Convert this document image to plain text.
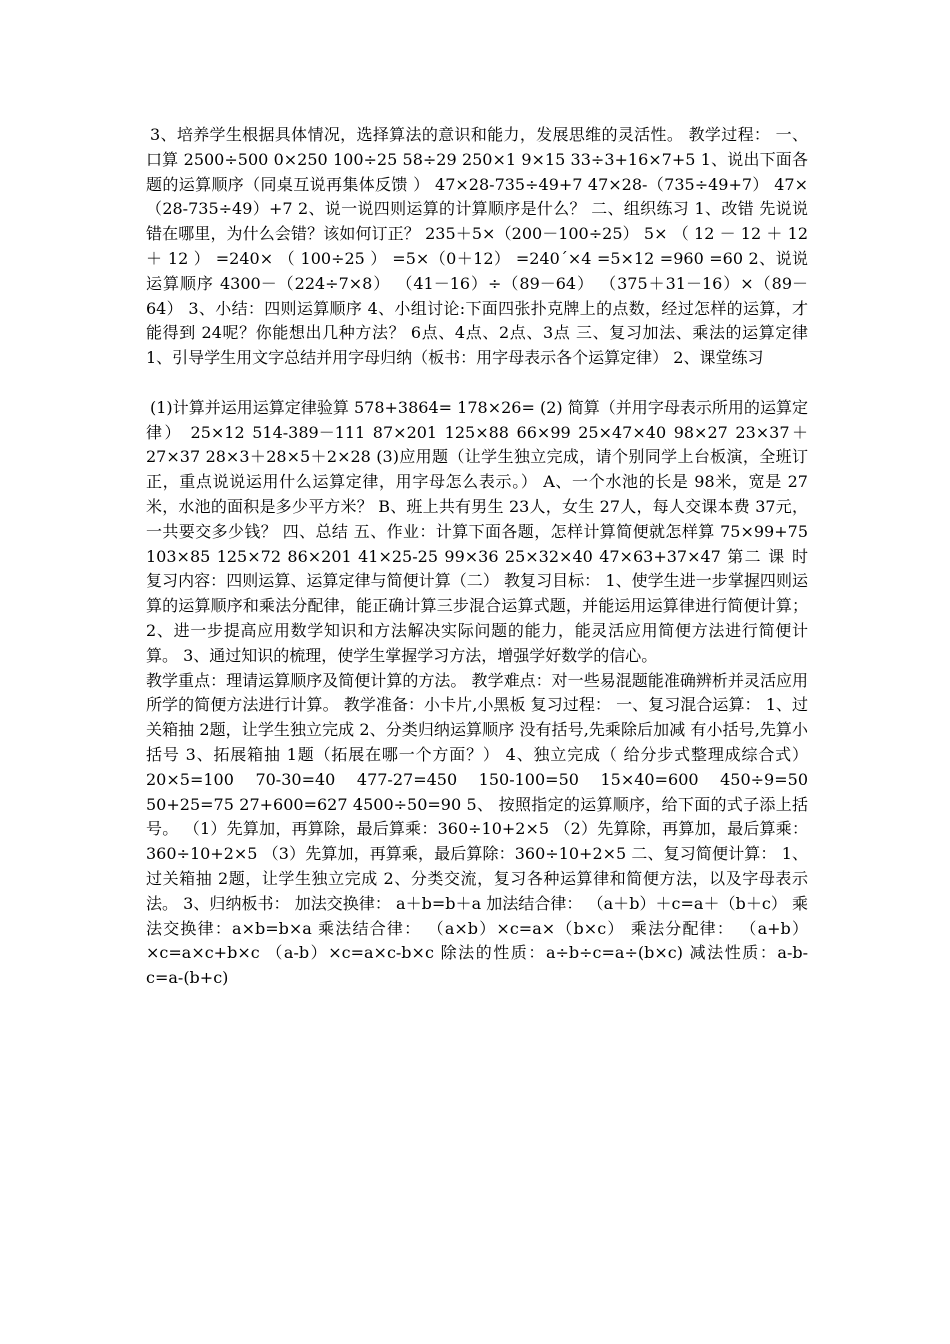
3、培养学生根据具体情况，选择算法的意识和能力，发展思维的灵活性。 教学过程： 一、口算 2500÷500 0×250 100÷25 58÷29 250×1 9×15 33÷3+16×7+5 1、说出下面各题的运算顺序（同桌互说再集体反馈 ） 47×28-735÷49+7 47×28-（735÷49+7） 47×（28-735÷49）+7 2、说一说四则运算的计算顺序是什么？ 二、组织练习 1、改错 先说说错在哪里，为什么会错？该如何订正？ 235＋5×（200－100÷25） 5× （ 12 － 12 ＋ 12 ＋ 12 ） =240× （ 100÷25 ） =5×（0＋12） =240´×4 =5×12 =960 =60 2、说说运算顺序 4300－（224÷7×8） （41－16）÷（89－64） （375＋31－16）×（89－64） 3、小结：四则运算顺序 4、小组讨论:下面四张扑克牌上的点数，经过怎样的运算，才能得到 24呢？你能想出几种方法？ 6点、4点、2点、3点 三、复习加法、乘法的运算定律 1、引导学生用文字总结并用字母归纳（板书：用字母表示各个运算定律） 2、课堂练习

(1)计算并运用运算定律验算 578+3864= 178×26= (2) 简算（并用字母表示所用的运算定律） 25×12 514-389－111 87×201 125×88 66×99 25×47×40 98×27 23×37＋27×37 28×3＋28×5＋2×28 (3)应用题（让学生独立完成，请个别同学上台板演，全班订正，重点说说运用什么运算定律，用字母怎么表示。） A、一个水池的长是 98米，宽是 27米，水池的面积是多少平方米？ B、班上共有男生 23人，女生 27人，每人交课本费 37元，一共要交多少钱？ 四、总结 五、作业：计算下面各题，怎样计算简便就怎样算 75×99+75 103×85 125×72 86×201 41×25-25 99×36 25×32×40 47×63+37×47 第二 课 时 复习内容：四则运算、运算定律与简便计算（二） 教复习目标： 1、使学生进一步掌握四则运算的运算顺序和乘法分配律，能正确计算三步混合运算式题，并能运用运算律进行简便计算； 2、进一步提高应用数学知识和方法解决实际问题的能力，能灵活应用简便方法进行简便计算。 3、通过知识的梳理，使学生掌握学习方法，增强学好数学的信心。

教学重点：理请运算顺序及简便计算的方法。 教学难点：对一些易混题能准确辨析并灵活应用所学的简便方法进行计算。 教学准备：小卡片,小黑板 复习过程： 一、复习混合运算： 1、过关箱抽 2题，让学生独立完成 2、分类归纳运算顺序 没有括号,先乘除后加减 有小括号,先算小括号 3、拓展箱抽 1题（拓展在哪一个方面？） 4、独立完成（ 给分步式整理成综合式） 20×5=100 70-30=40 477-27=450 150-100=50 15×40=600 450÷9=50 50+25=75 27+600=627 4500÷50=90 5、 按照指定的运算顺序，给下面的式子添上括号。 （1）先算加，再算除，最后算乘：360÷10+2×5 （2）先算除，再算加，最后算乘：360÷10+2×5 （3）先算加，再算乘，最后算除：360÷10+2×5 二、复习简便计算： 1、过关箱抽 2题，让学生独立完成 2、分类交流，复习各种运算律和简便方法，以及字母表示法。 3、归纳板书： 加法交换律： a＋b=b＋a 加法结合律： （a＋b）＋c=a＋（b＋c） 乘法交换律：a×b=b×a 乘法结合律： （a×b）×c=a×（b×c） 乘法分配律： （a+b）×c=a×c+b×c （a-b）×c=a×c-b×c 除法的性质：a÷b÷c=a÷(b×c) 减法性质：a-b-c=a-(b+c)
